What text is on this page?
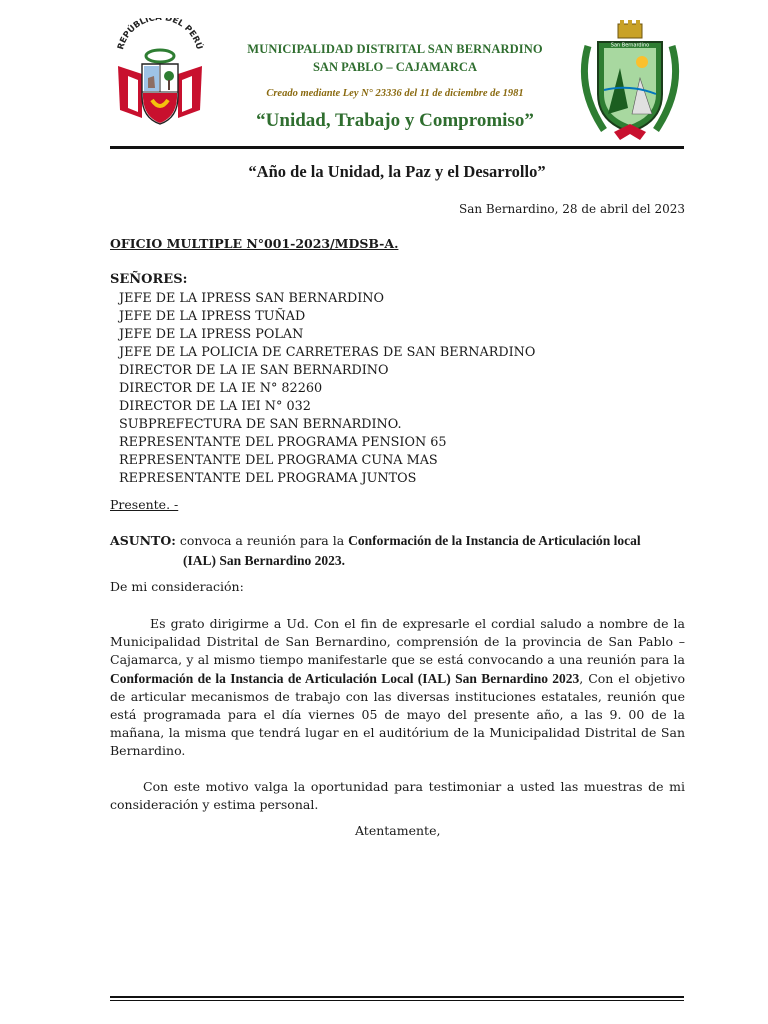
REPÚBLICA DEL PERÚ	San Bernardino
MUNICIPALIDAD DISTRITAL SAN BERNARDINO
SAN PABLO – CAJAMARCA
Creado mediante Ley N° 23336 del 11 de diciembre de 1981
“Unidad, Trabajo y Compromiso”
“Año de la Unidad, la Paz y el Desarrollo”
San Bernardino, 28 de abril del 2023
OFICIO MULTIPLE N°001-2023/MDSB-A.
SEÑORES:
JEFE DE LA IPRESS SAN BERNARDINO
JEFE DE LA IPRESS TUÑAD
JEFE DE LA IPRESS POLAN
JEFE DE LA POLICIA DE CARRETERAS DE SAN BERNARDINO
DIRECTOR DE LA IE SAN BERNARDINO
DIRECTOR DE LA IE N° 82260
DIRECTOR DE LA IEI N° 032
SUBPREFECTURA DE SAN BERNARDINO.
REPRESENTANTE DEL PROGRAMA PENSION 65
REPRESENTANTE DEL PROGRAMA CUNA MAS
REPRESENTANTE DEL PROGRAMA JUNTOS
Presente. -
ASUNTO: convoca a reunión para la Conformación de la Instancia de Articulación local
(IAL) San Bernardino 2023.
De mi consideración:
Es grato dirigirme a Ud. Con el fin de expresarle el cordial saludo a nombre de la Municipalidad Distrital de San Bernardino, comprensión de la provincia de San Pablo – Cajamarca, y al mismo tiempo manifestarle que se está convocando a una reunión para la Conformación de la Instancia de Articulación Local (IAL) San Bernardino 2023, Con el objetivo de articular mecanismos de trabajo con las diversas instituciones estatales, reunión que está programada para el día viernes 05 de mayo del presente año, a las 9. 00 de la mañana, la misma que tendrá lugar en el auditórium de la Municipalidad Distrital de San Bernardino.
Con este motivo valga la oportunidad para testimoniar a usted las muestras de mi consideración y estima personal.
Atentamente,
